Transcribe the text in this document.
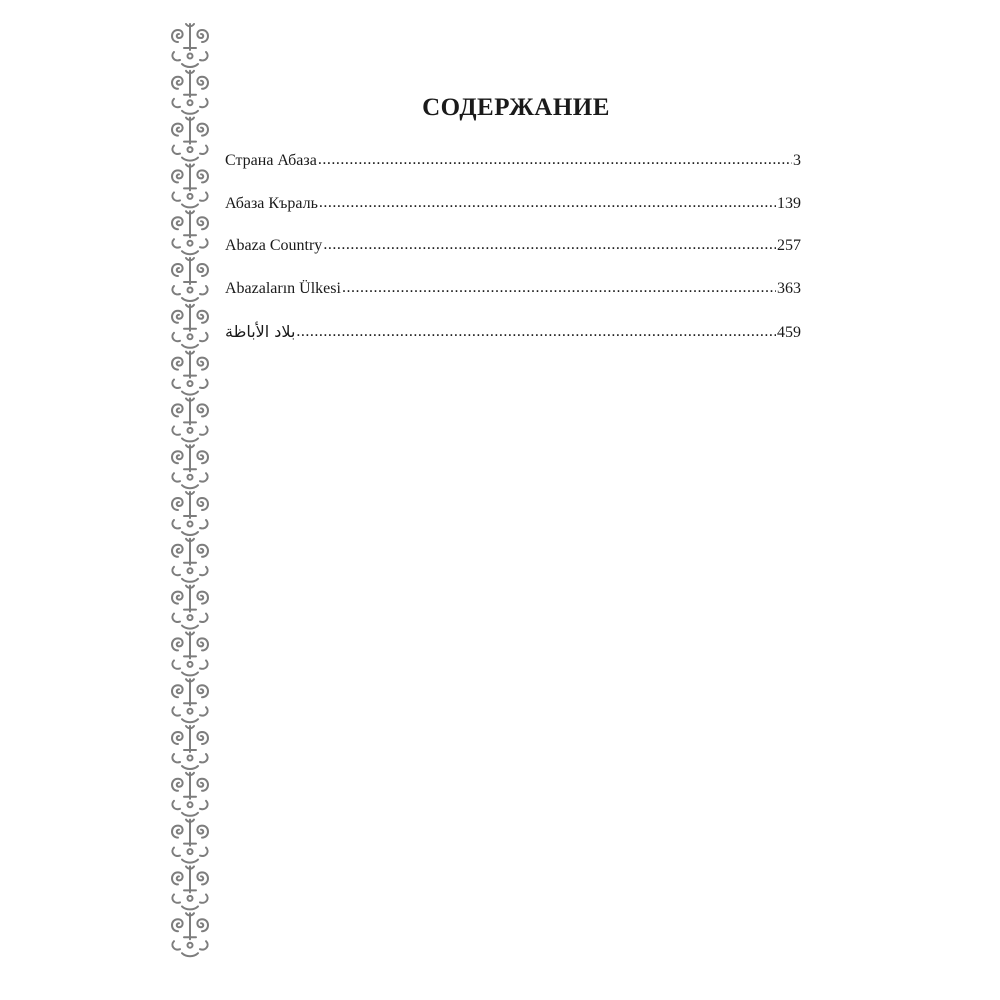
СОДЕРЖАНИЕ
Страна Абаза .....	3
Абаза Къраль .....	139
Abaza Country .....	257
Abazaların Ülkesi .....	363
بلاد الأباظة .....	459
